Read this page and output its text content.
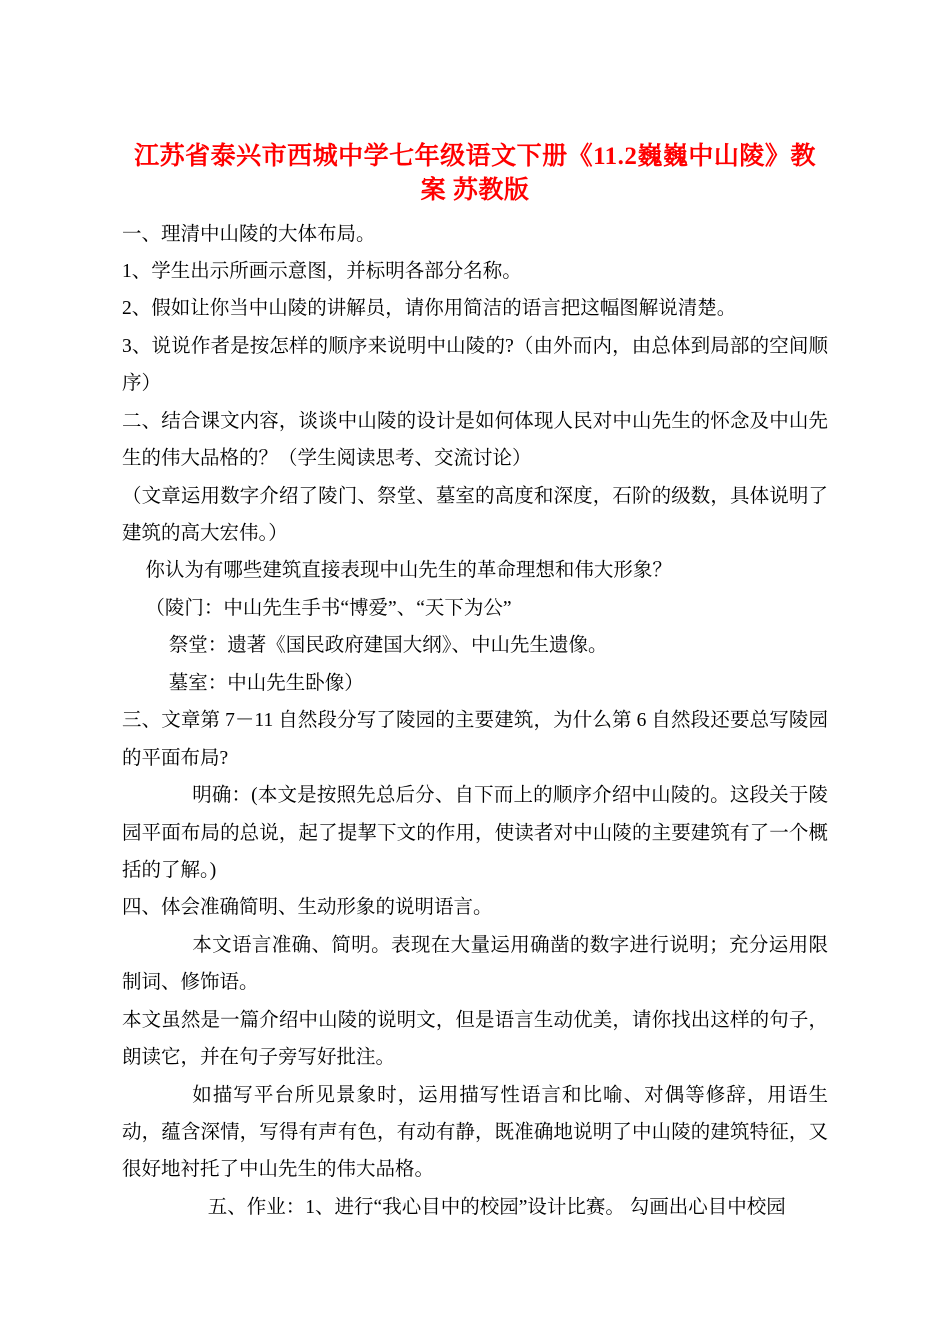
江苏省泰兴市西城中学七年级语文下册《11.2巍巍中山陵》教案 苏教版

一、理清中山陵的大体布局。

1、学生出示所画示意图，并标明各部分名称。

2、假如让你当中山陵的讲解员，请你用简洁的语言把这幅图解说清楚。

3、说说作者是按怎样的顺序来说明中山陵的?（由外而内，由总体到局部的空间顺序）

二、结合课文内容，谈谈中山陵的设计是如何体现人民对中山先生的怀念及中山先生的伟大品格的？（学生阅读思考、交流讨论）

（文章运用数字介绍了陵门、祭堂、墓室的高度和深度，石阶的级数，具体说明了建筑的高大宏伟。）

你认为有哪些建筑直接表现中山先生的革命理想和伟大形象？

（陵门：中山先生手书“博爱”、“天下为公”

祭堂：遗著《国民政府建国大纲》、中山先生遗像。

墓室：中山先生卧像）

三、文章第 7－11 自然段分写了陵园的主要建筑，为什么第 6 自然段还要总写陵园的平面布局?

明确：(本文是按照先总后分、自下而上的顺序介绍中山陵的。这段关于陵园平面布局的总说，起了提挈下文的作用，使读者对中山陵的主要建筑有了一个概括的了解。)

四、体会准确简明、生动形象的说明语言。

本文语言准确、简明。表现在大量运用确凿的数字进行说明；充分运用限制词、修饰语。

本文虽然是一篇介绍中山陵的说明文，但是语言生动优美，请你找出这样的句子，朗读它，并在句子旁写好批注。

如描写平台所见景象时，运用描写性语言和比喻、对偶等修辞，用语生动，蕴含深情，写得有声有色，有动有静，既准确地说明了中山陵的建筑特征，又很好地衬托了中山先生的伟大品格。

五、作业：1、进行“我心目中的校园”设计比赛。 勾画出心目中校园
